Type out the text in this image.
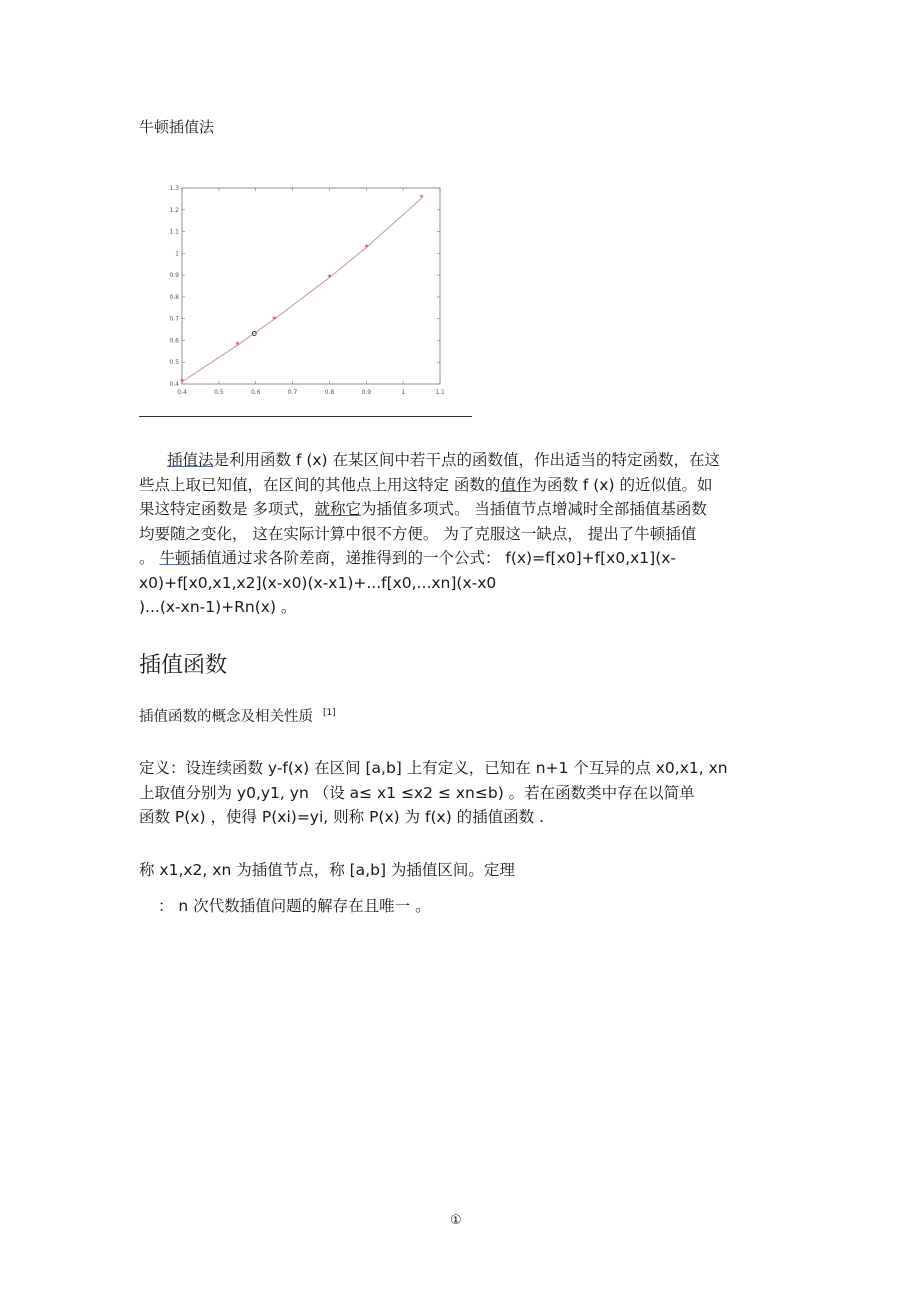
牛顿插值法
0.4	0.5	0.6	0.7	0.8	0.9	1	1.1
0.4
0.5
0.6
0.7
0.8
0.9
1
1.1
1.2
1.3
*
*
*
*
*
*
插值法是利用函数 f (x) 在某区间中若干点的函数值，作出适当的特定函数，在这
些点上取已知值，在区间的其他点上用这特定 函数的值作为函数 f (x) 的近似值。如
果这特定函数是 多项式，就称它为插值多项式。 当插值节点增减时全部插值基函数
均要随之变化， 这在实际计算中很不方便。 为了克服这一缺点， 提出了牛顿插值
。 牛顿插值通过求各阶差商，递推得到的一个公式： f(x)=f[x0]+f[x0,x1](x-
x0)+f[x0,x1,x2](x-x0)(x-x1)+...f[x0,...xn](x-x0
)...(x-xn-1)+Rn(x) 。
插值函数
插值函数的概念及相关性质 [1]
定义：设连续函数 y-f(x) 在区间 [a,b] 上有定义，已知在 n+1 个互异的点 x0,x1, xn
上取值分别为 y0,y1, yn （设 a≤ x1 ≤x2 ≤ xn≤b) 。若在函数类中存在以简单
函数 P(x) ，使得 P(xi)=yi, 则称 P(x) 为 f(x) 的插值函数 .
称 x1,x2, xn 为插值节点，称 [a,b] 为插值区间。定理
： n 次代数插值问题的解存在且唯一 。
①
